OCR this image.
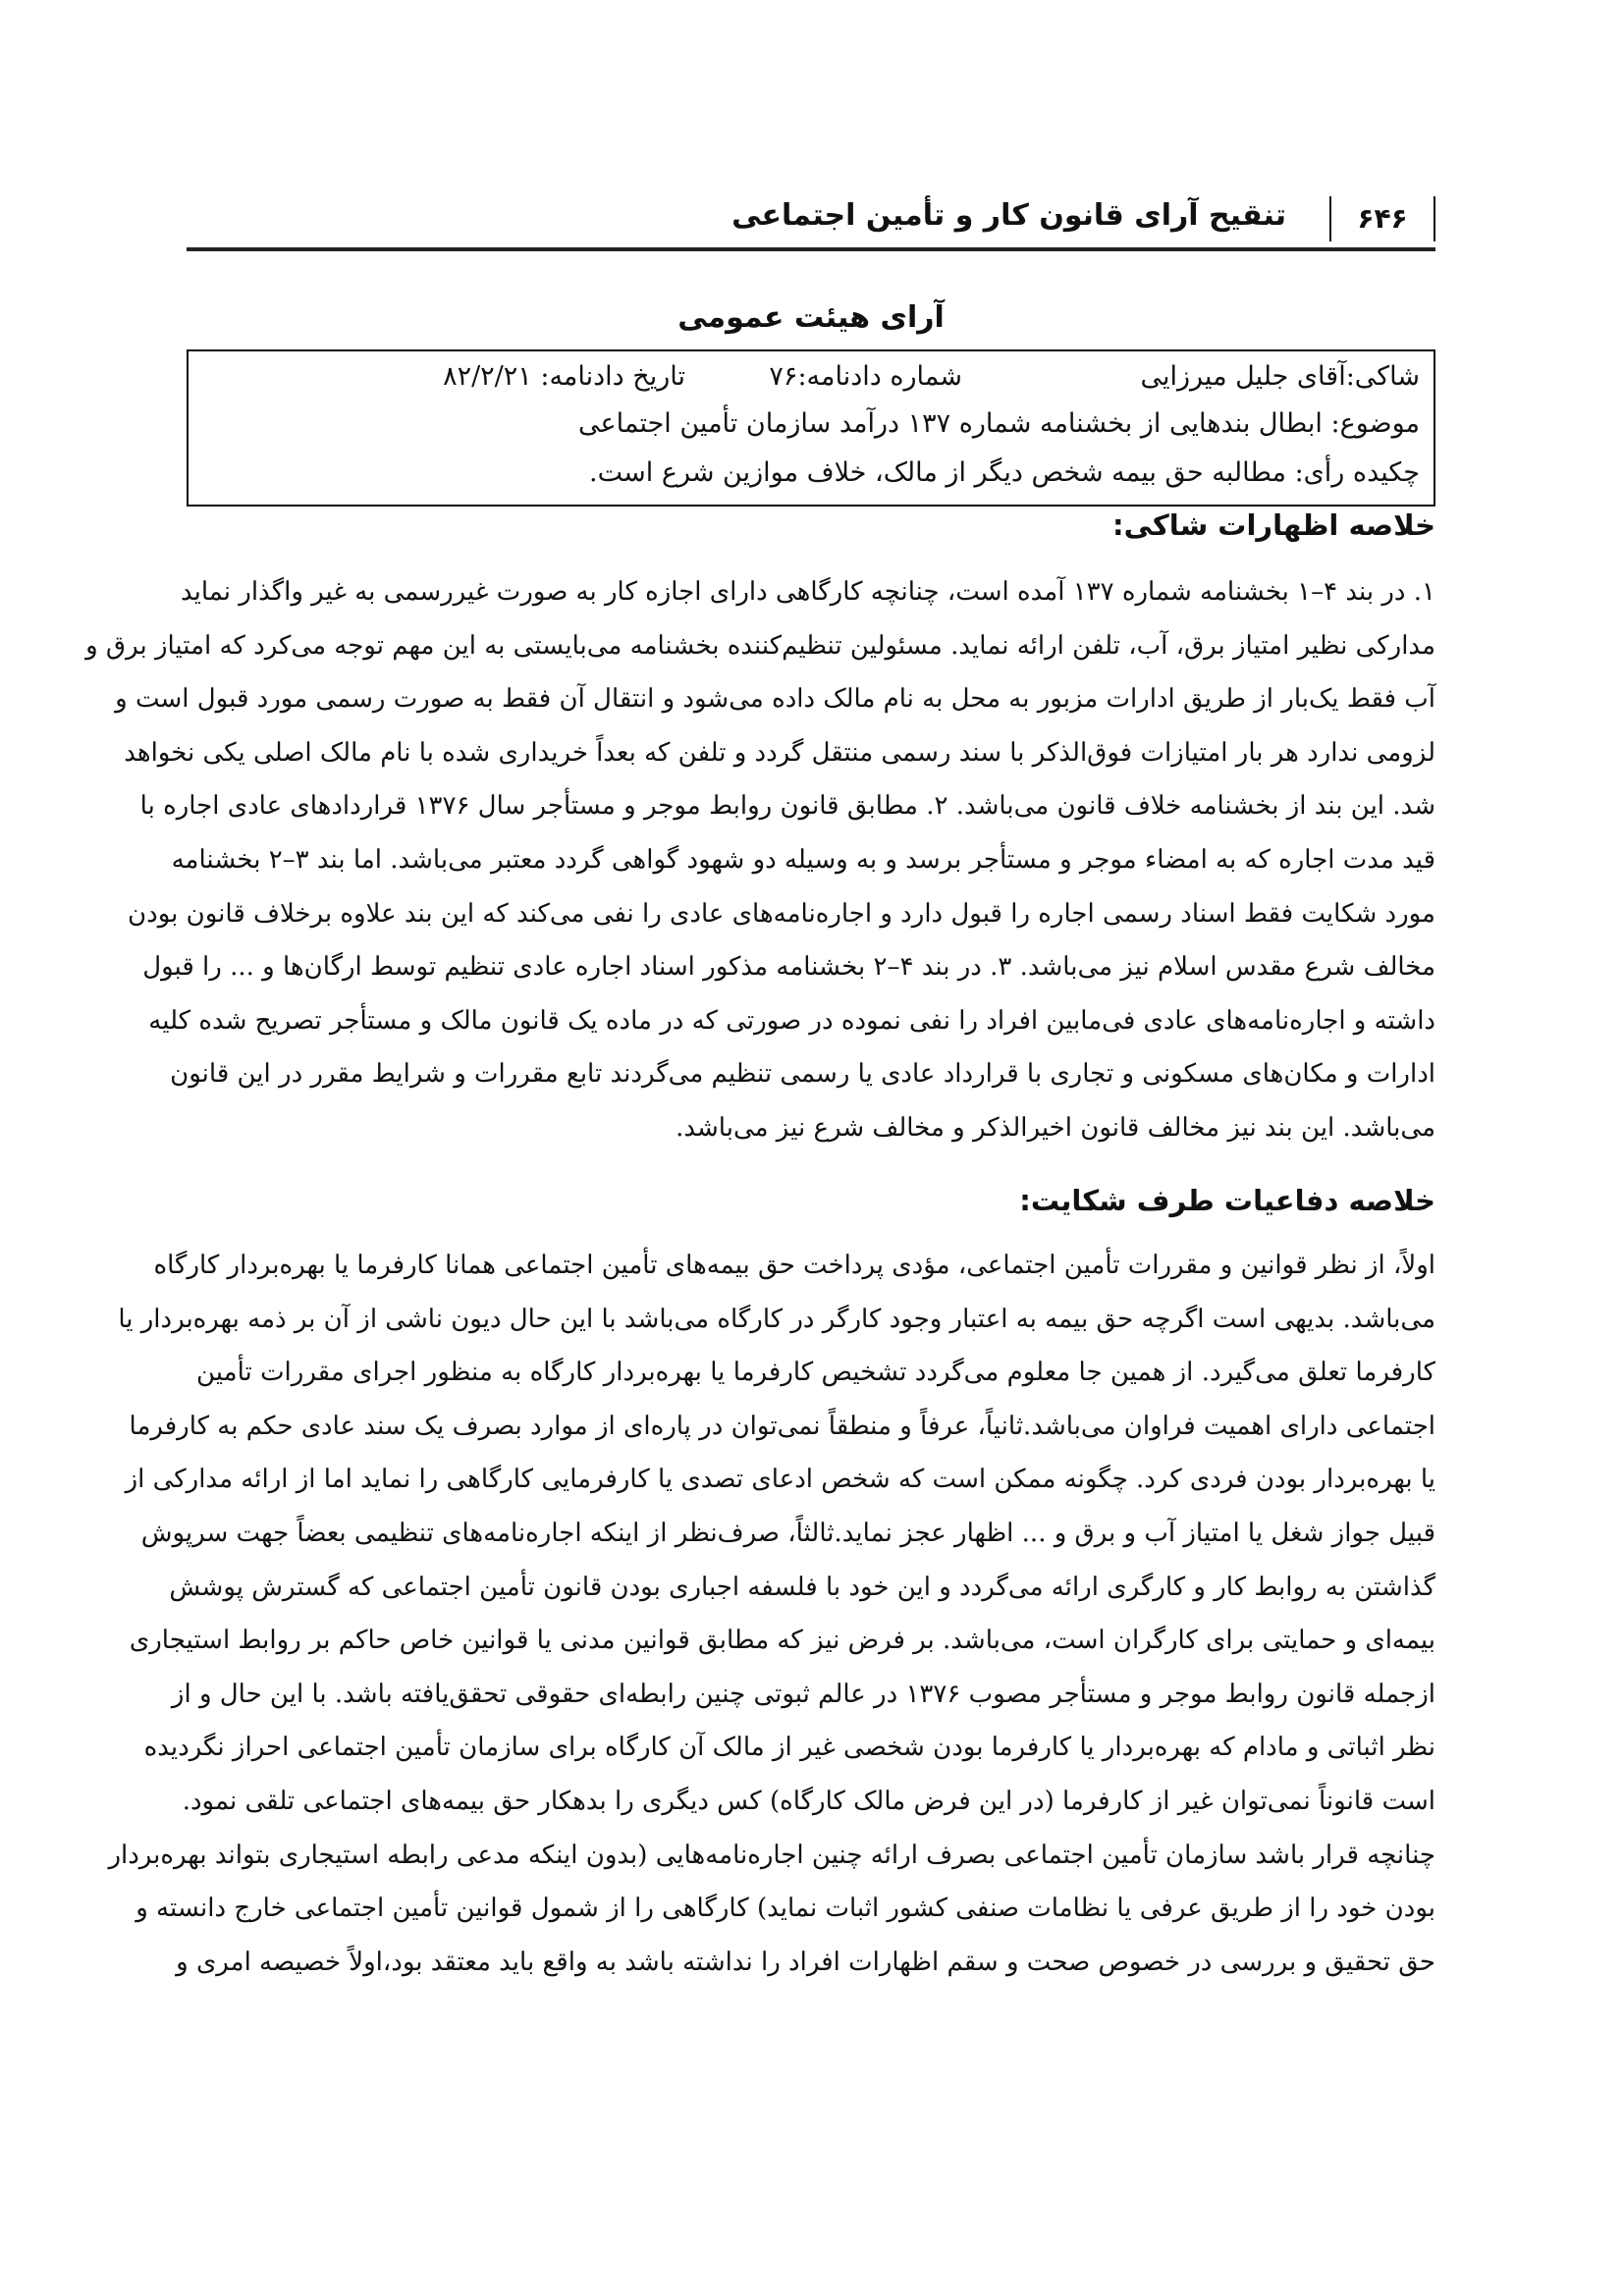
۶۴۶
تنقیح آرای قانون کار و تأمین اجتماعی
آرای هیئت عمومی
شاکی:آقای جلیل میرزایی
شماره دادنامه:۷۶
تاریخ دادنامه: ۸۲/۲/۲۱
موضوع: ابطال بندهایی از بخشنامه شماره ۱۳۷ درآمد سازمان تأمین اجتماعی
چکیده رأی: مطالبه حق بیمه شخص دیگر از مالک، خلاف موازین شرع است.
خلاصه اظهارات شاکی:
۱. در بند ۴–۱ بخشنامه شماره ۱۳۷ آمده است، چنانچه کارگاهی دارای اجازه کار به صورت غیررسمی به غیر واگذار نماید
مدارکی نظیر امتیاز برق، آب، تلفن ارائه نماید. مسئولین تنظیم‌کننده بخشنامه می‌بایستی به این مهم توجه می‌کرد که امتیاز برق و
آب فقط یک‌بار از طریق ادارات مزبور به محل به نام مالک داده می‌شود و انتقال آن فقط به صورت رسمی مورد قبول است و
لزومی ندارد هر بار امتیازات فوق‌الذکر با سند رسمی منتقل گردد و تلفن که بعداً خریداری شده با نام مالک اصلی یکی نخواهد
شد. این بند از بخشنامه خلاف قانون می‌باشد. ۲. مطابق قانون روابط موجر و مستأجر سال ۱۳۷۶ قراردادهای عادی اجاره با
قید مدت اجاره که به امضاء موجر و مستأجر برسد و به وسیله دو شهود گواهی گردد معتبر می‌باشد. اما بند ۳–۲ بخشنامه
مورد شکایت فقط اسناد رسمی اجاره را قبول دارد و اجاره‌نامه‌های عادی را نفی می‌کند که این بند علاوه برخلاف قانون بودن
مخالف شرع مقدس اسلام نیز می‌باشد. ۳. در بند ۴–۲ بخشنامه مذکور اسناد اجاره عادی تنظیم توسط ارگان‌ها و ... را قبول
داشته و اجاره‌نامه‌های عادی فی‌مابین افراد را نفی نموده در صورتی که در ماده یک قانون مالک و مستأجر تصریح شده کلیه
ادارات و مکان‌های مسکونی و تجاری با قرارداد عادی یا رسمی تنظیم می‌گردند تابع مقررات و شرایط مقرر در این قانون
می‌باشد. این بند نیز مخالف قانون اخیرالذکر و مخالف شرع نیز می‌باشد.
خلاصه دفاعیات طرف شکایت:
اولاً، از نظر قوانین و مقررات تأمین اجتماعی، مؤدی پرداخت حق بیمه‌های تأمین اجتماعی همانا کارفرما یا بهره‌بردار کارگاه
می‌باشد. بدیهی است اگرچه حق بیمه به اعتبار وجود کارگر در کارگاه می‌باشد با این حال دیون ناشی از آن بر ذمه بهره‌بردار یا
کارفرما تعلق می‌گیرد. از همین جا معلوم می‌گردد تشخیص کارفرما یا بهره‌بردار کارگاه به منظور اجرای مقررات تأمین
اجتماعی دارای اهمیت فراوان می‌باشد.ثانیاً، عرفاً و منطقاً نمی‌توان در پاره‌ای از موارد بصرف یک سند عادی حکم به کارفرما
یا بهره‌بردار بودن فردی کرد. چگونه ممکن است که شخص ادعای تصدی یا کارفرمایی کارگاهی را نماید اما از ارائه مدارکی از
قبیل جواز شغل یا امتیاز آب و برق و ... اظهار عجز نماید.ثالثاً، صرف‌نظر از اینکه اجاره‌نامه‌های تنظیمی بعضاً جهت سرپوش
گذاشتن به روابط کار و کارگری ارائه می‌گردد و این خود با فلسفه اجباری بودن قانون تأمین اجتماعی که گسترش پوشش
بیمه‌ای و حمایتی برای کارگران است، می‌باشد. بر فرض نیز که مطابق قوانین مدنی یا قوانین خاص حاکم بر روابط استیجاری
ازجمله قانون روابط موجر و مستأجر مصوب ۱۳۷۶ در عالم ثبوتی چنین رابطه‌ای حقوقی تحقق‌یافته باشد. با این حال و از
نظر اثباتی و مادام که بهره‌بردار یا کارفرما بودن شخصی غیر از مالک آن کارگاه برای سازمان تأمین اجتماعی احراز نگردیده
است قانوناً نمی‌توان غیر از کارفرما (در این فرض مالک کارگاه) کس دیگری را بدهکار حق بیمه‌های اجتماعی تلقی نمود.
چنانچه قرار باشد سازمان تأمین اجتماعی بصرف ارائه چنین اجاره‌نامه‌هایی (بدون اینکه مدعی رابطه استیجاری بتواند بهره‌بردار
بودن خود را از طریق عرفی یا نظامات صنفی کشور اثبات نماید) کارگاهی را از شمول قوانین تأمین اجتماعی خارج دانسته و
حق تحقیق و بررسی در خصوص صحت و سقم اظهارات افراد را نداشته باشد به واقع باید معتقد بود،اولاً خصیصه امری و
